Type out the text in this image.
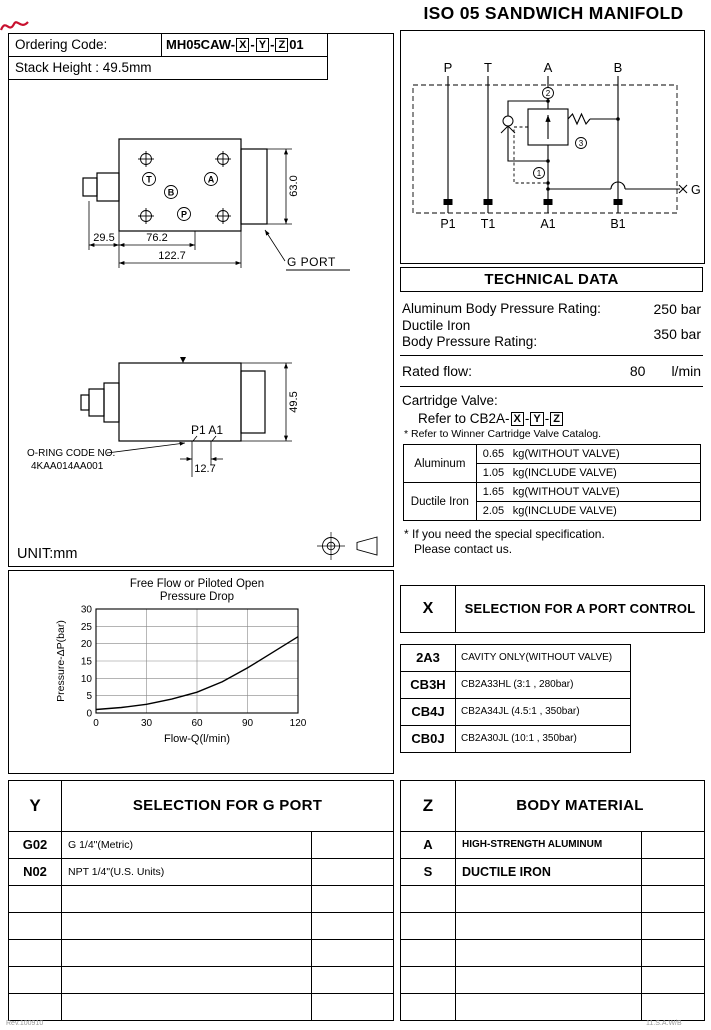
ISO 05 SANDWICH MANIFOLD
T	A
B
P
63.0
29.5	76.2
122.7	G PORT
P1 A1
O-RING CODE NO.
4KAA014AA001	12.7
49.5
UNIT:mm
Ordering Code:	MH05CAW- X - Y - Z 01
Stack Height : 49.5mm	P T	A	B
2
3
1
G
P1 T1	A1	B1
TECHNICAL DATA
Aluminum Body Pressure Rating:	250 bar
Ductile Iron
Body Pressure Rating:	350 bar
Rated flow:	80 l/min
Cartridge Valve:
Refer to CB2A- X - Y - Z
* Refer to Winner Cartridge Valve Catalog.
Aluminum	0.65 kg(WITHOUT VALVE)
	1.05 kg(INCLUDE VALVE)
Ductile Iron	1.65 kg(WITHOUT VALVE)
	2.05 kg(INCLUDE VALVE)
* If you need the special specification.
Please contact us.
Free Flow or Piloted Open
Pressure Drop
Pressure-ΔP(bar)
Flow-Q(l/min)
0	30	60	90	120
0
5
10
15
20
25
30	X	SELECTION FOR A PORT CONTROL
2A3	CAVITY ONLY(WITHOUT VALVE)
CB3H	CB2A33HL (3:1 , 280bar)
CB4J	CB2A34JL (4.5:1 , 350bar)
CB0J	CB2A30JL (10:1 , 350bar)
Y	SELECTION FOR G PORT
G02	G 1/4"(Metric)
N02	NPT 1/4"(U.S. Units)
Z	BODY MATERIAL
A	HIGH-STRENGTH ALUMINUM
S	DUCTILE IRON
Rev.100910	11.S.A.W/B
